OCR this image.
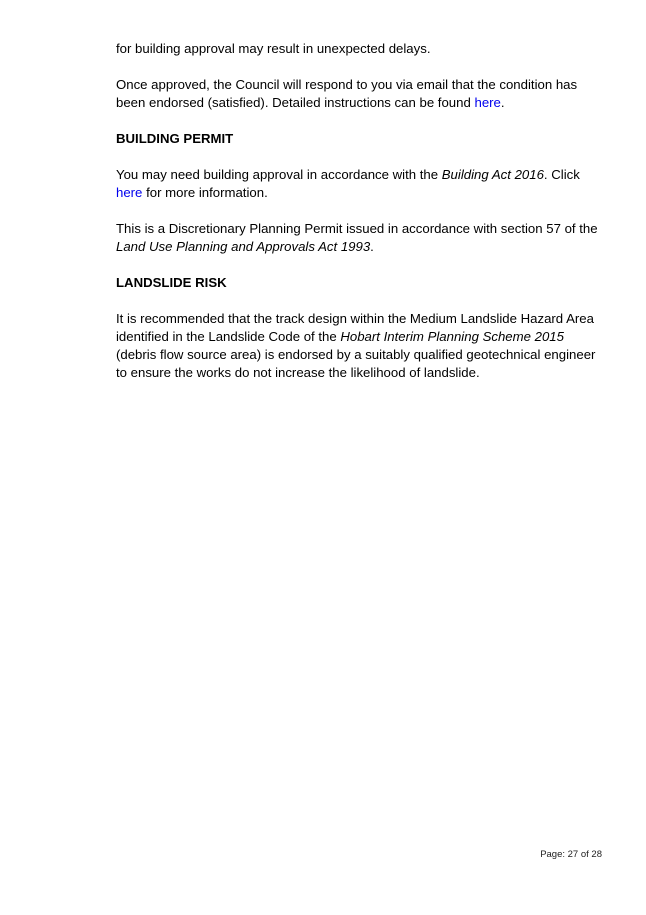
for building approval may result in unexpected delays.

Once approved, the Council will respond to you via email that the condition has been endorsed (satisfied). Detailed instructions can be found here.

BUILDING PERMIT

You may need building approval in accordance with the Building Act 2016. Click here for more information.

This is a Discretionary Planning Permit issued in accordance with section 57 of the Land Use Planning and Approvals Act 1993.

LANDSLIDE RISK

It is recommended that the track design within the Medium Landslide Hazard Area identified in the Landslide Code of the Hobart Interim Planning Scheme 2015 (debris flow source area) is endorsed by a suitably qualified geotechnical engineer to ensure the works do not increase the likelihood of landslide.

Page: 27 of 28
